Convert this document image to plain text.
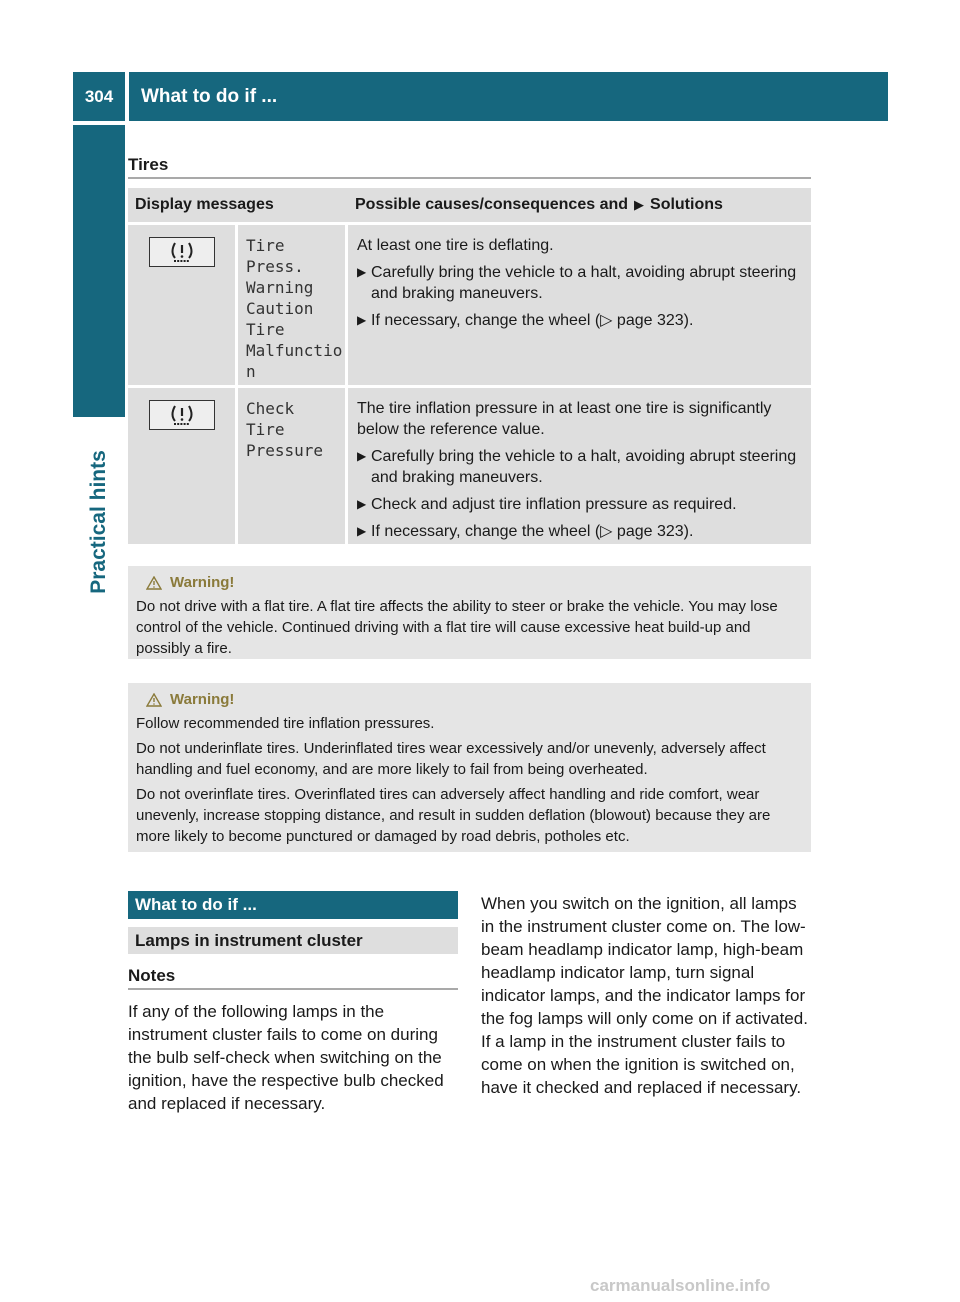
304	What to do if ...
Practical hints
Tires
Display messages	Possible causes/consequences and ▶ Solutions
Tire
Press.
Warning
Caution
Tire
Malfunctio
n

At least one tire is deflating.

▶ Carefully bring the vehicle to a halt, avoiding abrupt steering and braking maneuvers.
▶ If necessary, change the wheel (▷ page 323).
Check
Tire
Pressure

The tire inflation pressure in at least one tire is significantly below the reference value.

▶ Carefully bring the vehicle to a halt, avoiding abrupt steering and braking maneuvers.
▶ Check and adjust tire inflation pressure as required.
▶ If necessary, change the wheel (▷ page 323).
Warning!

Do not drive with a flat tire. A flat tire affects the ability to steer or brake the vehicle. You may lose control of the vehicle. Continued driving with a flat tire will cause excessive heat build-up and possibly a fire.

Warning!

Follow recommended tire inflation pressures.

Do not underinflate tires. Underinflated tires wear excessively and/or unevenly, adversely affect handling and fuel economy, and are more likely to fail from being overheated.

Do not overinflate tires. Overinflated tires can adversely affect handling and ride comfort, wear unevenly, increase stopping distance, and result in sudden deflation (blowout) because they are more likely to become punctured or damaged by road debris, potholes etc.

What to do if ...
Lamps in instrument cluster
Notes
If any of the following lamps in the instrument cluster fails to come on during the bulb self-check when switching on the ignition, have the respective bulb checked and replaced if necessary.
When you switch on the ignition, all lamps in the instrument cluster come on. The low-beam headlamp indicator lamp, high-beam headlamp indicator lamp, turn signal indicator lamps, and the indicator lamps for the fog lamps will only come on if activated. If a lamp in the instrument cluster fails to come on when the ignition is switched on, have it checked and replaced if necessary.
carmanualsonline.info
